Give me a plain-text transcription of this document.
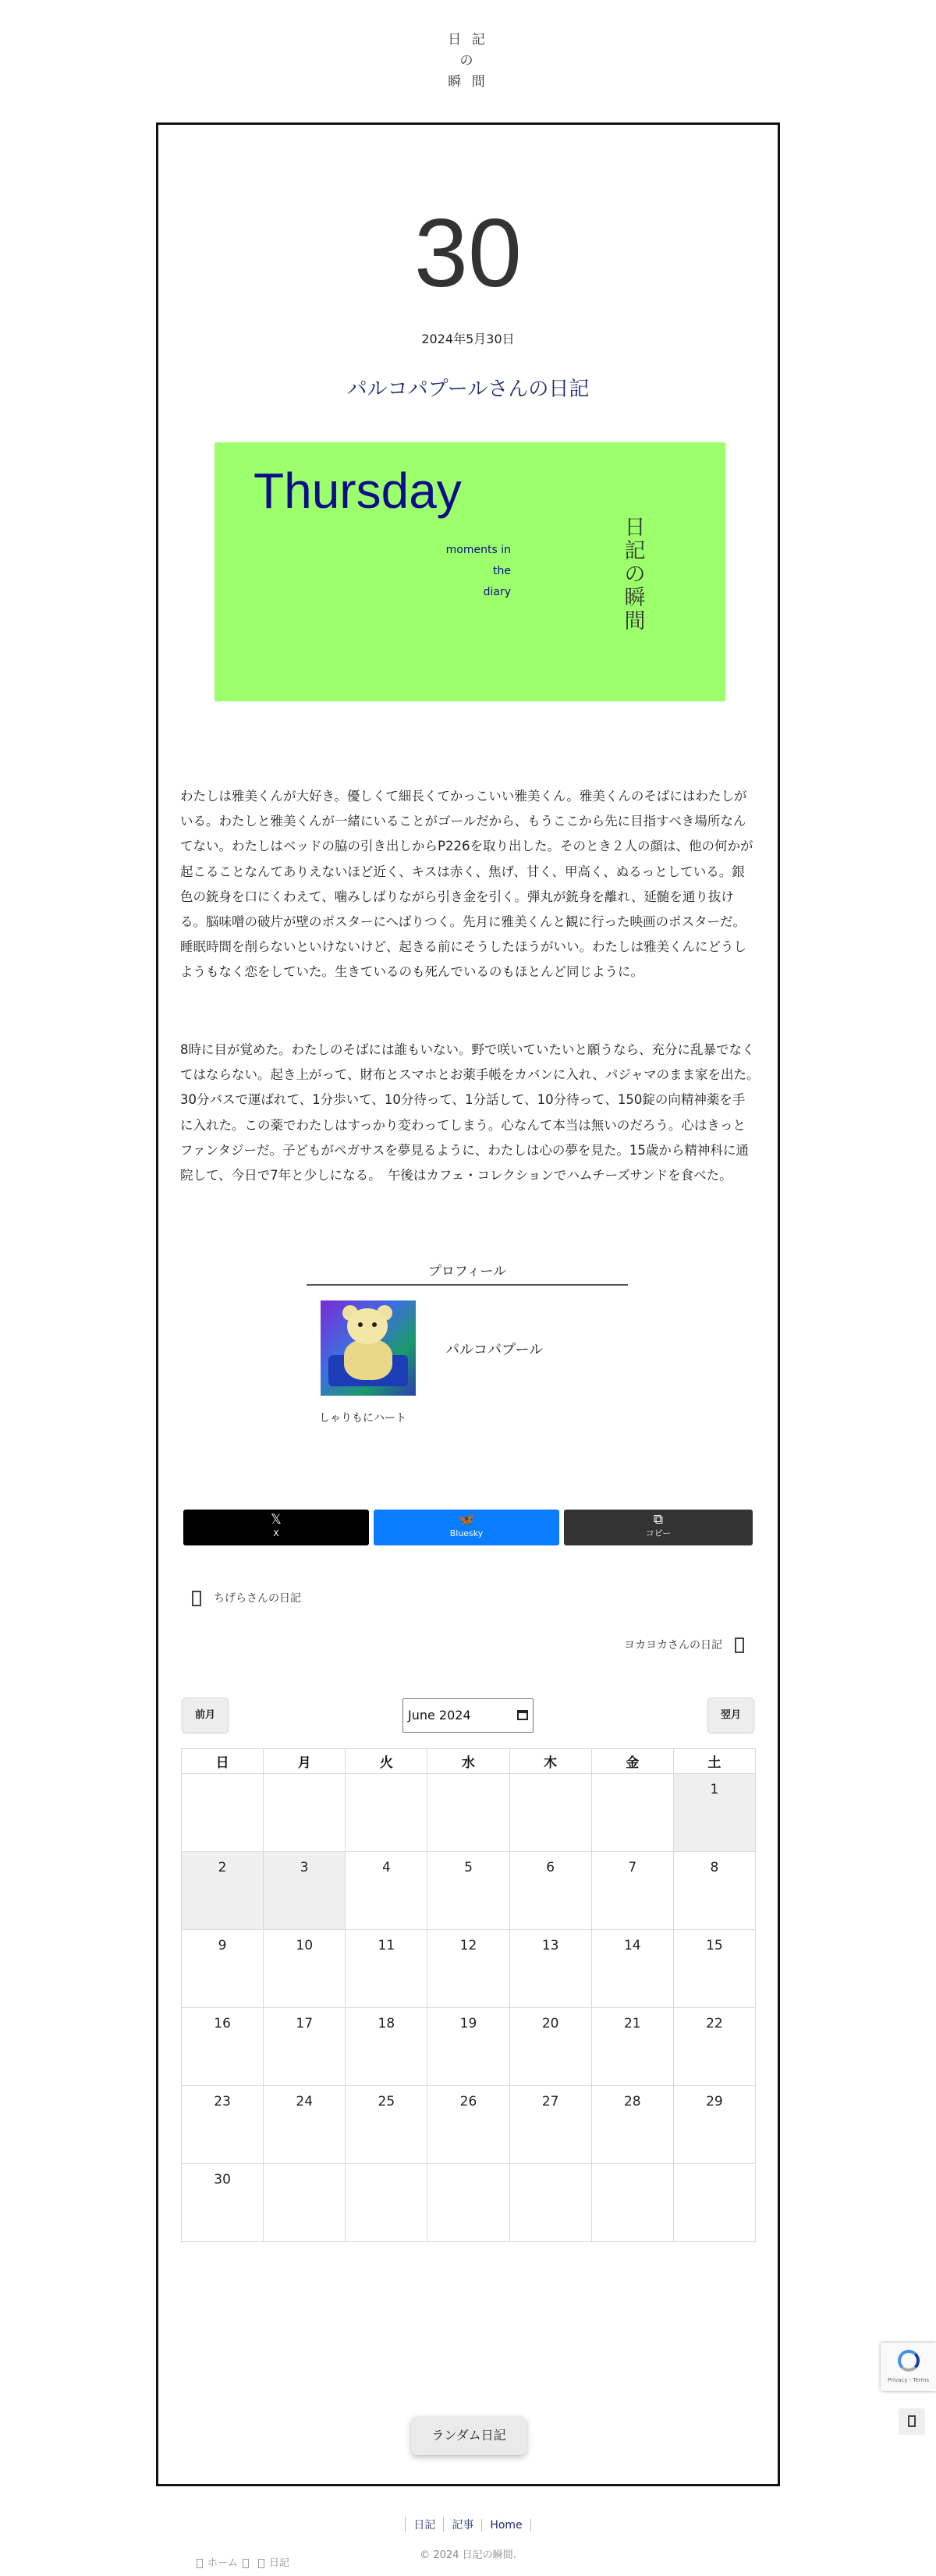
日 記
の
瞬 間
30
2024年5月30日
パルコパプールさんの日記
Thursday
moments in
the
diary
日
記
の
瞬
間

わたしは雅美くんが大好き。優しくて細長くてかっこいい雅美くん。雅美くんのそばにはわたしがいる。わたしと雅美くんが一緒にいることがゴールだから、もうここから先に目指すべき場所なんてない。わたしはベッドの脇の引き出しからP226を取り出した。そのとき２人の顔は、他の何かが起こることなんてありえないほど近く、キスは赤く、焦げ、甘く、甲高く、ぬるっとしている。銀色の銃身を口にくわえて、噛みしばりながら引き金を引く。弾丸が銃身を離れ、延髄を通り抜ける。脳味噌の破片が壁のポスターにへばりつく。先月に雅美くんと観に行った映画のポスターだ。睡眠時間を削らないといけないけど、起きる前にそうしたほうがいい。わたしは雅美くんにどうしようもなく恋をしていた。生きているのも死んでいるのもほとんど同じように。

8時に目が覚めた。わたしのそばには誰もいない。野で咲いていたいと願うなら、充分に乱暴でなくてはならない。起き上がって、財布とスマホとお薬手帳をカバンに入れ、パジャマのまま家を出た。　30分バスで運ばれて、1分歩いて、10分待って、1分話して、10分待って、150錠の向精神薬を手に入れた。この薬でわたしはすっかり変わってしまう。心なんて本当は無いのだろう。心はきっとファンタジーだ。子どもがペガサスを夢見るように、わたしは心の夢を見た。15歳から精神科に通院して、今日で7年と少しになる。　午後はカフェ・コレクションでハムチーズサンドを食べた。

プロフィール
パルコパプール
しゃりもにハート
𝕏
X
🦋
Bluesky
⧉
コピー
ちげらさんの日記
ヨカヨカさんの日記
前月	June 2024	翌月
日	月	火	水	木	金	土
						1
2	3	4	5	6	7	8
9	10	11	12	13	14	15
16	17	18	19	20	21	22
23	24	25	26	27	28	29
30						
ランダム日記
ホーム	日記
日記 記事 Home
© 2024 日記の瞬間.
Privacy - Terms
